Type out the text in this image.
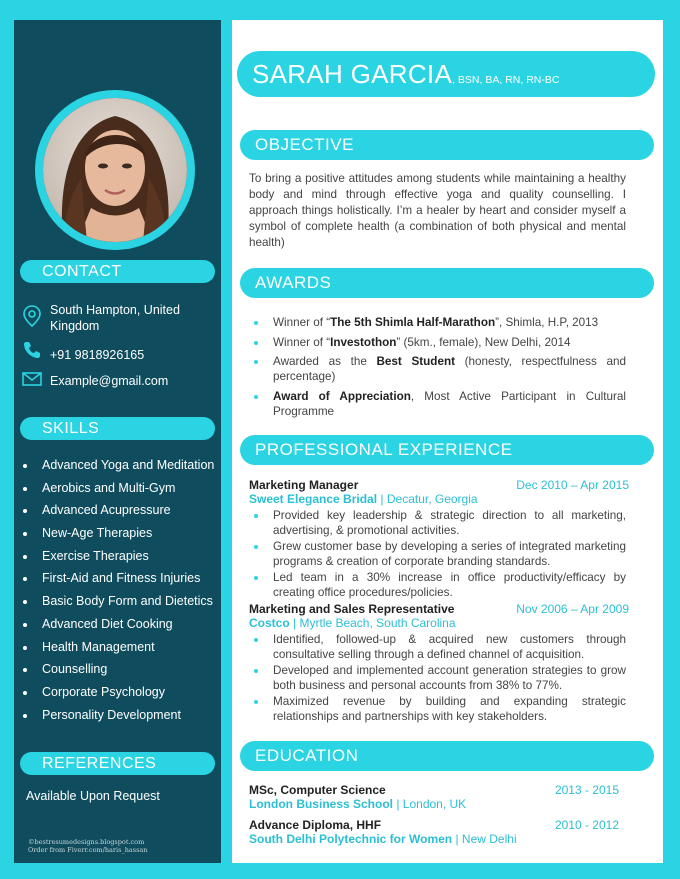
CONTACT
South Hampton, United
Kingdom
+91 9818926165
Example@gmail.com
SKILLS
Advanced Yoga and Meditation
Aerobics and Multi-Gym
Advanced Acupressure
New-Age Therapies
Exercise Therapies
First-Aid and Fitness Injuries
Basic Body Form and Dietetics
Advanced Diet Cooking
Health Management
Counselling
Corporate Psychology
Personality Development
REFERENCES
Available Upon Request
©bestresumedesigns.blogspot.com
Order from Fiverr.com/haris_hassan
SARAH GARCIA, BSN, BA, RN, RN-BC
OBJECTIVE
To bring a positive attitudes among students while maintaining a healthy body and mind through effective yoga and quality counselling. I approach things holistically. I’m a healer by heart and consider myself a symbol of complete health (a combination of both physical and mental health)
AWARDS
Winner of “The 5th Shimla Half-Marathon”, Shimla, H.P, 2013
Winner of “Investothon” (5km., female), New Delhi, 2014
Awarded as the Best Student (honesty, respectfulness and percentage)
Award of Appreciation, Most Active Participant in Cultural Programme
PROFESSIONAL EXPERIENCE
Marketing Manager	Dec 2010 – Apr 2015
Sweet Elegance Bridal | Decatur, Georgia
Provided key leadership & strategic direction to all marketing, advertising, & promotional activities.
Grew customer base by developing a series of integrated marketing programs & creation of corporate branding standards.
Led team in a 30% increase in office productivity/efficacy by creating office procedures/policies.
Marketing and Sales Representative	Nov 2006 – Apr 2009
Costco | Myrtle Beach, South Carolina
Identified, followed-up & acquired new customers through consultative selling through a defined channel of acquisition.
Developed and implemented account generation strategies to grow both business and personal accounts from 38% to 77%.
Maximized revenue by building and expanding strategic relationships and partnerships with key stakeholders.
EDUCATION
MSc, Computer Science	2013 - 2015
London Business School | London, UK
Advance Diploma, HHF	2010 - 2012
South Delhi Polytechnic for Women | New Delhi
